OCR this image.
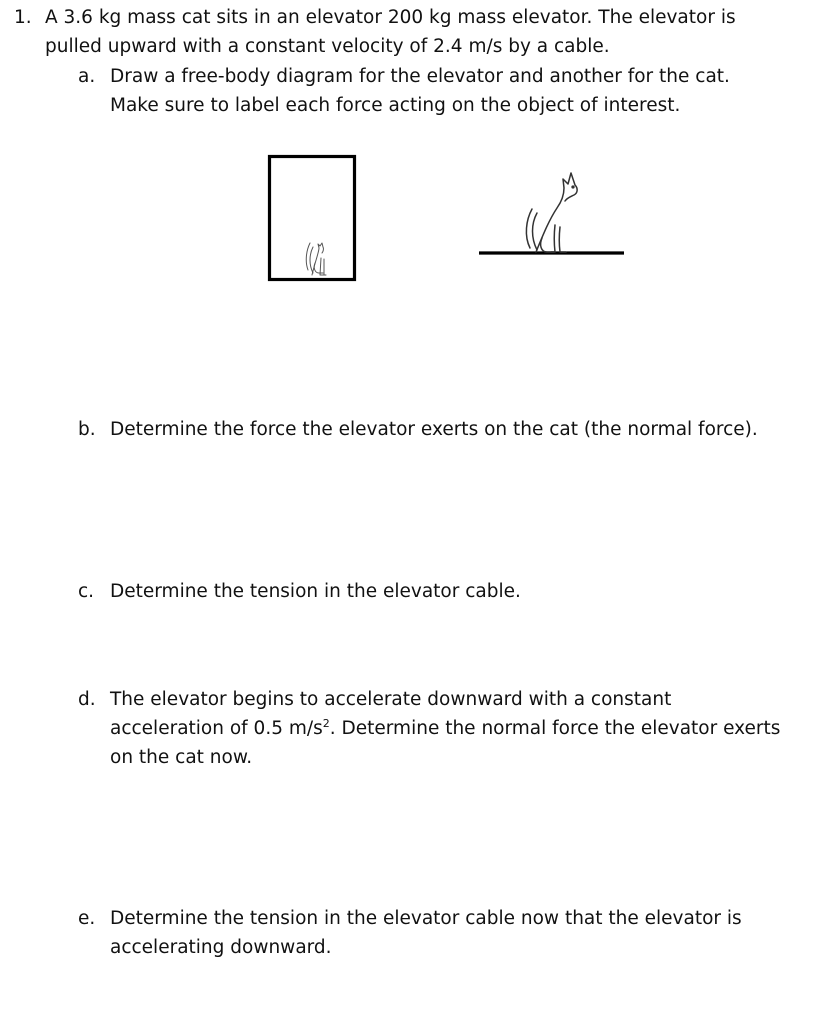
1. A 3.6 kg mass cat sits in an elevator 200 kg mass elevator. The elevator is
pulled upward with a constant velocity of 2.4 m/s by a cable.
a. Draw a free-body diagram for the elevator and another for the cat.
Make sure to label each force acting on the object of interest.
b. Determine the force the elevator exerts on the cat (the normal force).
c. Determine the tension in the elevator cable.
d. The elevator begins to accelerate downward with a constant
acceleration of 0.5 $m/s^2$. Determine the normal force the elevator exerts
on the cat now.
e. Determine the tension in the elevator cable now that the elevator is
accelerating downward.
